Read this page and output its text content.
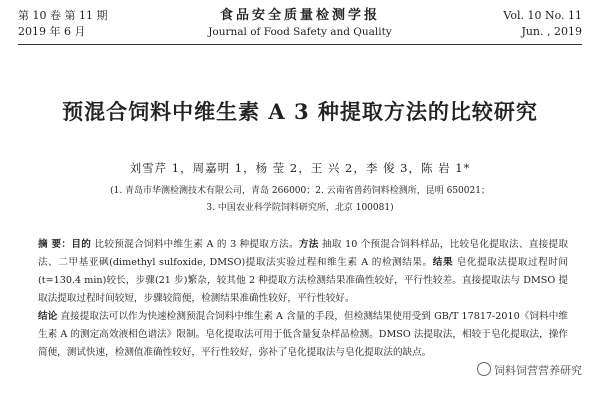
第 10 卷 第 11 期
2019 年 6 月
食品安全质量检测学报
Journal of Food Safety and Quality
Vol. 10 No. 11
Jun. , 2019
预混合饲料中维生素 A 3 种提取方法的比较研究
刘雪芹 1，周嘉明 1，杨 莹 2，王 兴 2，李 俊 3，陈 岩 1*
(1. 青岛市华测检测技术有限公司，青岛 266000；2. 云南省兽药饲料检测所，昆明 650021；
3. 中国农业科学院饲料研究所，北京 100081)

摘 要：目的 比较预混合饲料中维生素 A 的 3 种提取方法。方法 抽取 10 个预混合饲料样品，比较皂化提取法、直接提取法、二甲基亚砜(dimethyl sulfoxide, DMSO)提取法实验过程和维生素 A 的检测结果。结果 皂化提取法提取过程时间(t=130.4 min)较长，步骤(21 步)繁杂，较其他 2 种提取方法检测结果准确性较好，平行性较差。直接提取法与 DMSO 提取法提取过程时间较短，步骤较简便，检测结果准确性较好，平行性较好。

结论 直接提取法可以作为快速检测预混合饲料中维生素 A 含量的手段，但检测结果使用受到 GB/T 17817-2010《饲料中维生素 A 的测定高效液相色谱法》限制。皂化提取法可用于低含量复杂样品检测。DMSO 法提取法，相较于皂化提取法，操作简便，测试快速，检测值准确性较好，平行性较好，弥补了皂化提取法与皂化提取法的缺点。

饲料饲营营养研究
